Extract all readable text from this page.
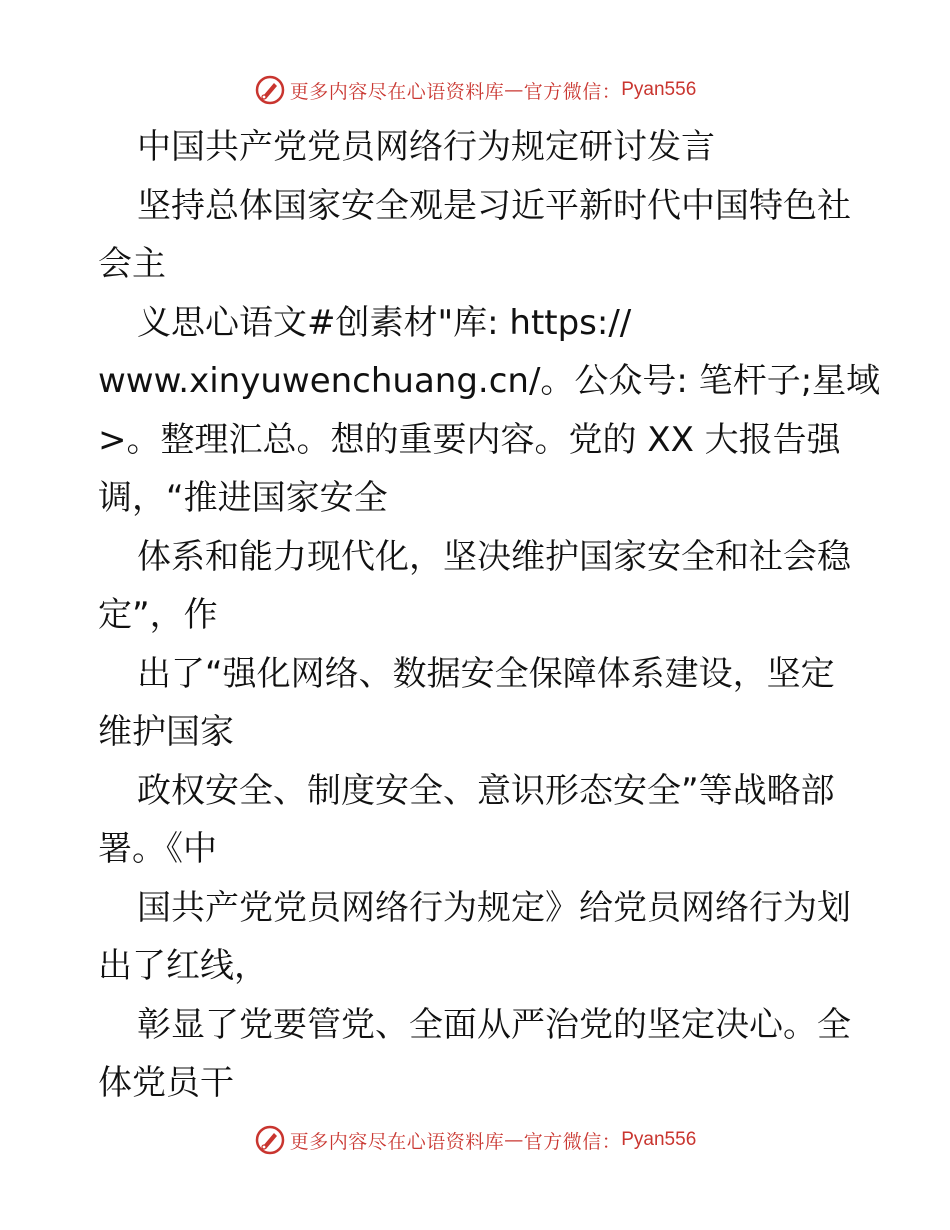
更多内容尽在心语资料库 — 官方微信： Pyan556

中国共产党党员网络行为规定研讨发言

坚持总体国家安全观是习近平新时代中国特色社

会主

义思心语文#创素材"库: https://

www.xinyuwenchuang.cn/。公众号: 笔杆子;星域

>。整理汇总。想的重要内容。党的 XX 大报告强

调，“推进国家安全

体系和能力现代化，坚决维护国家安全和社会稳

定”，作

出了“强化网络、数据安全保障体系建设，坚定

维护国家

政权安全、制度安全、意识形态安全”等战略部

署。《中

国共产党党员网络行为规定》给党员网络行为划

出了红线，

彰显了党要管党、全面从严治党的坚定决心。全

体党员干

更多内容尽在心语资料库 — 官方微信： Pyan556
